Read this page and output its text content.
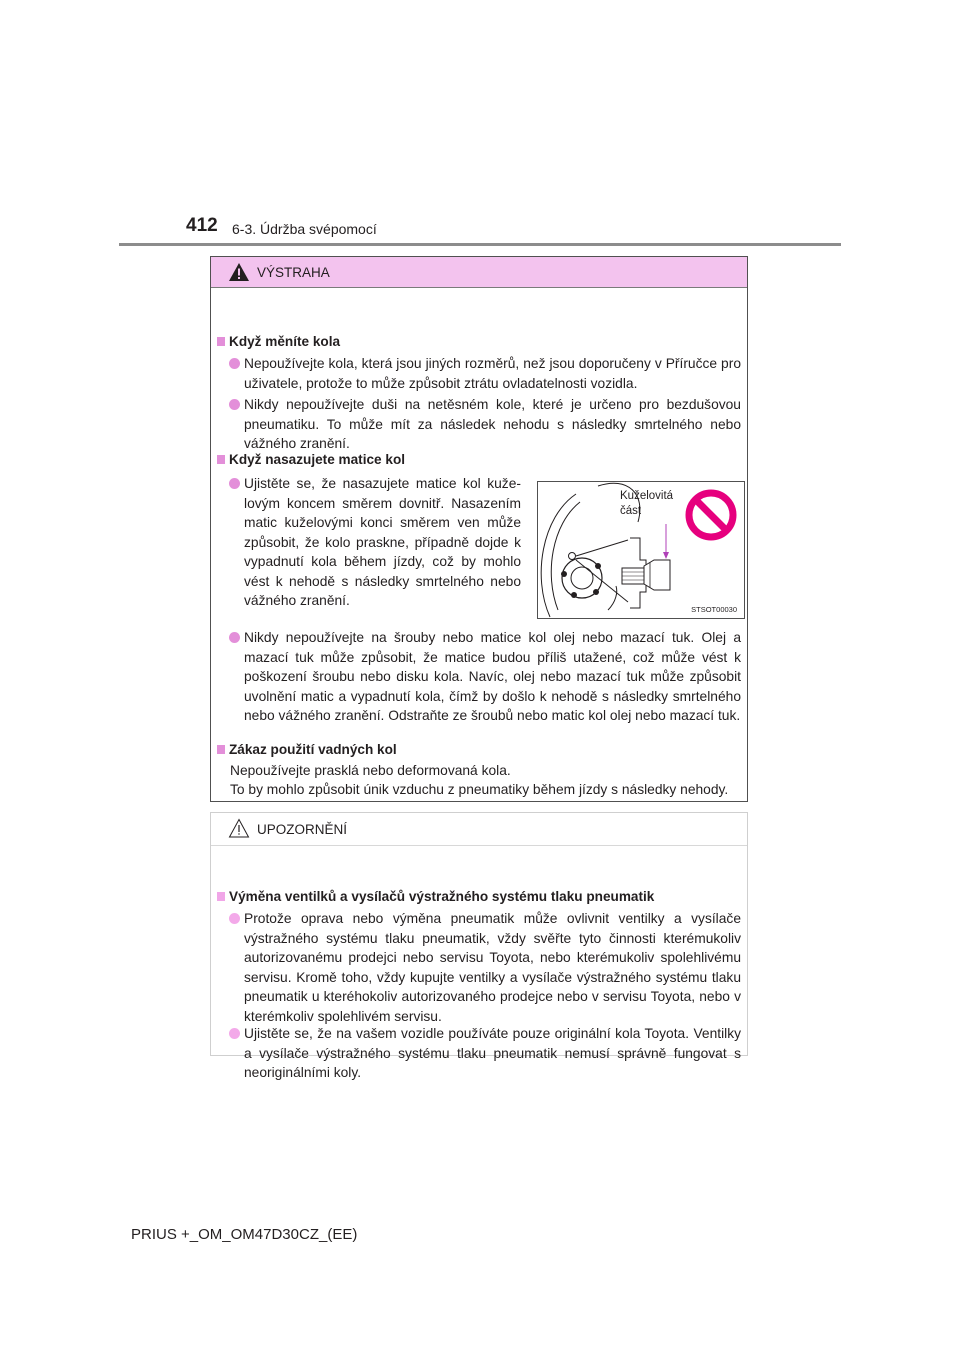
412 6-3. Údržba svépomocí
VÝSTRAHA
Když měníte kola
Nepoužívejte kola, která jsou jiných rozměrů, než jsou doporučeny v Příručce pro uživatele, protože to může způsobit ztrátu ovladatelnosti vozidla.
Nikdy nepoužívejte duši na netěsném kole, které je určeno pro bezdušovou pneumatiku. To může mít za následek nehodu s následky smrtelného nebo vážného zranění.
Když nasazujete matice kol
Ujistěte se, že nasazujete matice kol kuželovým koncem směrem dovnitř. Nasazením matic kuželovými konci směrem ven může způsobit, že kolo praskne, případně dojde k vypadnutí kola během jízdy, což by mohlo vést k nehodě s následky smrtelného nebo vážného zranění.
Kuželovitá
část
STSOT00030
Nikdy nepoužívejte na šrouby nebo matice kol olej nebo mazací tuk. Olej a mazací tuk může způsobit, že matice budou příliš utažené, což může vést k poškození šroubu nebo disku kola. Navíc, olej nebo mazací tuk může způsobit uvolnění matic a vypadnutí kola, čímž by došlo k nehodě s následky smrtelného nebo vážného zranění. Odstraňte ze šroubů nebo matic kol olej nebo mazací tuk.
Zákaz použití vadných kol
Nepoužívejte prasklá nebo deformovaná kola.
To by mohlo způsobit únik vzduchu z pneumatiky během jízdy s následky nehody.
UPOZORNĚNÍ
Výměna ventilků a vysílačů výstražného systému tlaku pneumatik
Protože oprava nebo výměna pneumatik může ovlivnit ventilky a vysílače výstražného systému tlaku pneumatik, vždy svěřte tyto činnosti kterémukoliv autorizovanému prodejci nebo servisu Toyota, nebo kterémukoliv spolehlivému servisu. Kromě toho, vždy kupujte ventilky a vysílače výstražného systému tlaku pneumatik u kteréhokoliv autorizovaného prodejce nebo v servisu Toyota, nebo v kterémkoliv spolehlivém servisu.
Ujistěte se, že na vašem vozidle používáte pouze originální kola Toyota. Ventilky a vysílače výstražného systému tlaku pneumatik nemusí správně fungovat s neoriginálními koly.
PRIUS +_OM_OM47D30CZ_(EE)
